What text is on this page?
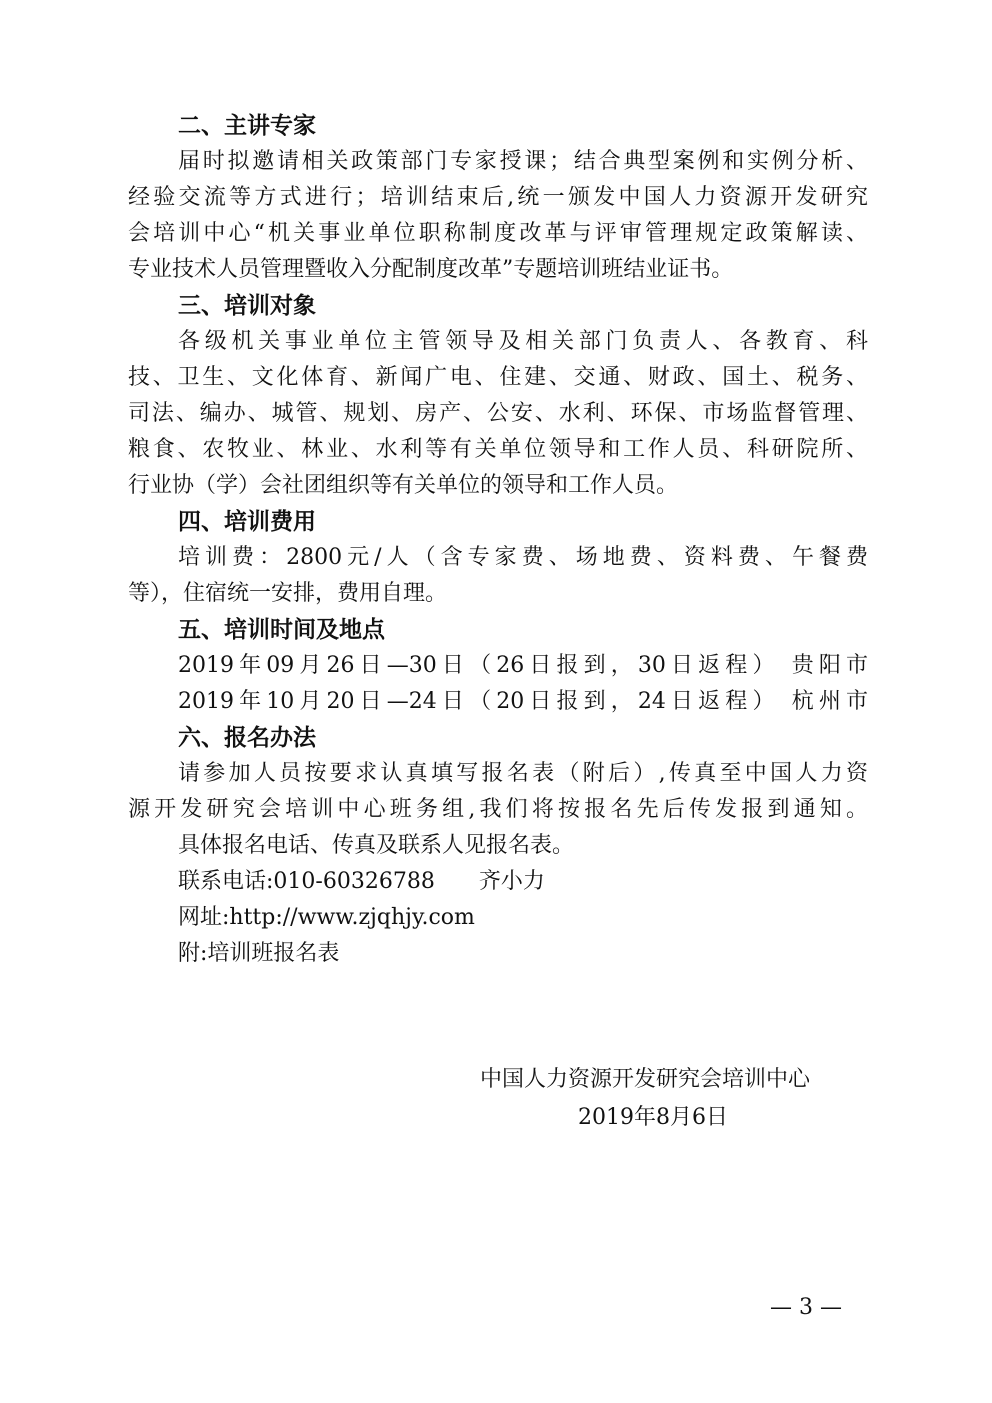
二、主讲专家
届时拟邀请相关政策部门专家授课；结合典型案例和实例分析、
经验交流等方式进行；培训结束后,统一颁发中国人力资源开发研究
会培训中心“机关事业单位职称制度改革与评审管理规定政策解读、
专业技术人员管理暨收入分配制度改革”专题培训班结业证书。
三、培训对象
各级机关事业单位主管领导及相关部门负责人、各教育、科
技、卫生、文化体育、新闻广电、住建、交通、财政、国土、税务、
司法、编办、城管、规划、房产、公安、水利、环保、市场监督管理、
粮食、农牧业、林业、水利等有关单位领导和工作人员、科研院所、
行业协（学）会社团组织等有关单位的领导和工作人员。
四、培训费用
培训费：2800元/人（含专家费、场地费、资料费、午餐费
等），住宿统一安排，费用自理。
五、培训时间及地点
2019年09月26日—30日（26日报到，30日返程） 贵阳市
2019年10月20日—24日（20日报到，24日返程） 杭州市
六、报名办法
请参加人员按要求认真填写报名表（附后）,传真至中国人力资
源开发研究会培训中心班务组,我们将按报名先后传发报到通知。
具体报名电话、传真及联系人见报名表。
联系电话:010-60326788　　齐小力
网址:http://www.zjqhjy.com
附:培训班报名表
中国人力资源开发研究会培训中心
2019年8月6日
— 3 —
